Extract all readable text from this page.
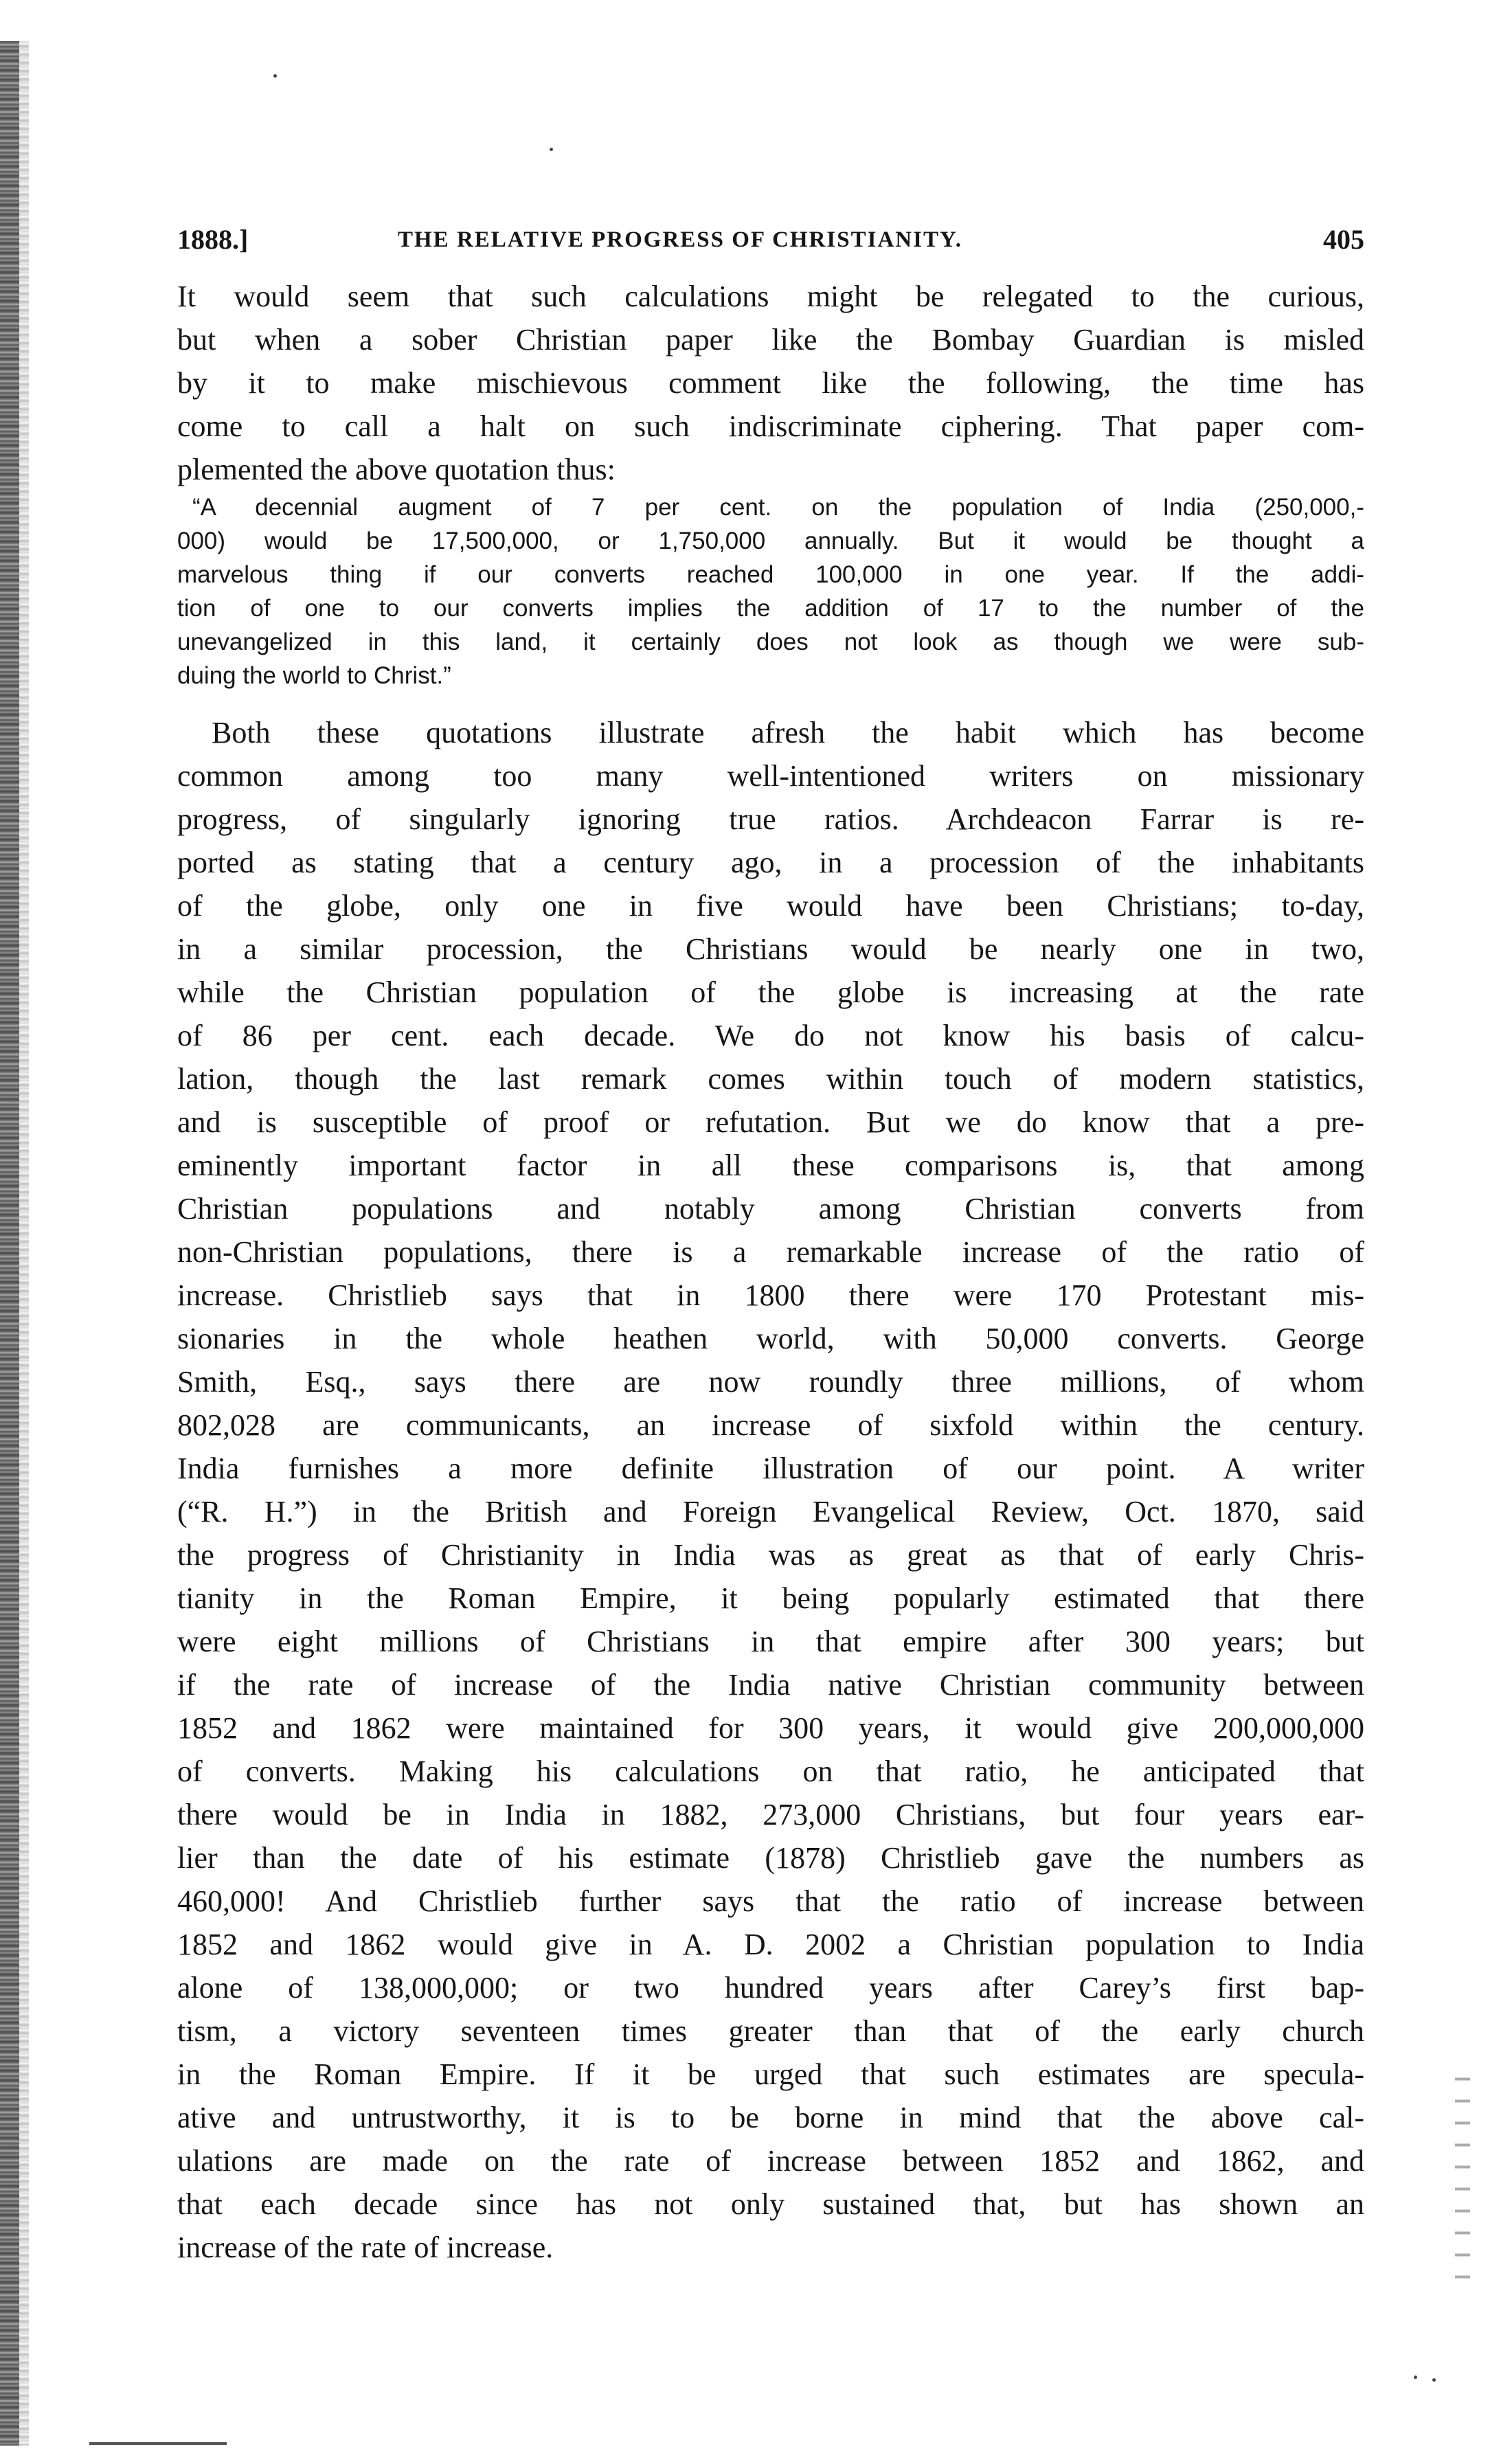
1888.]	THE RELATIVE PROGRESS OF CHRISTIANITY.	405
It would seem that such calculations might be relegated to the curious,
but when a sober Christian paper like the Bombay Guardian is misled
by it to make mischievous comment like the following, the time has
come to call a halt on such indiscriminate ciphering. That paper com-
plemented the above quotation thus:
“A decennial augment of 7 per cent. on the population of India (250,000,-
000) would be 17,500,000, or 1,750,000 annually. But it would be thought a
marvelous thing if our converts reached 100,000 in one year. If the addi-
tion of one to our converts implies the addition of 17 to the number of the
unevangelized in this land, it certainly does not look as though we were sub-
duing the world to Christ.”
Both these quotations illustrate afresh the habit which has become
common among too many well-intentioned writers on missionary
progress, of singularly ignoring true ratios. Archdeacon Farrar is re-
ported as stating that a century ago, in a procession of the inhabitants
of the globe, only one in five would have been Christians; to-day,
in a similar procession, the Christians would be nearly one in two,
while the Christian population of the globe is increasing at the rate
of 86 per cent. each decade. We do not know his basis of calcu-
lation, though the last remark comes within touch of modern statistics,
and is susceptible of proof or refutation. But we do know that a pre-
eminently important factor in all these comparisons is, that among
Christian populations and notably among Christian converts from
non-Christian populations, there is a remarkable increase of the ratio of
increase. Christlieb says that in 1800 there were 170 Protestant mis-
sionaries in the whole heathen world, with 50,000 converts. George
Smith, Esq., says there are now roundly three millions, of whom
802,028 are communicants, an increase of sixfold within the century.
India furnishes a more definite illustration of our point. A writer
(“R. H.”) in the British and Foreign Evangelical Review, Oct. 1870, said
the progress of Christianity in India was as great as that of early Chris-
tianity in the Roman Empire, it being popularly estimated that there
were eight millions of Christians in that empire after 300 years; but
if the rate of increase of the India native Christian community between
1852 and 1862 were maintained for 300 years, it would give 200,000,000
of converts. Making his calculations on that ratio, he anticipated that
there would be in India in 1882, 273,000 Christians, but four years ear-
lier than the date of his estimate (1878) Christlieb gave the numbers as
460,000! And Christlieb further says that the ratio of increase between
1852 and 1862 would give in A. D. 2002 a Christian population to India
alone of 138,000,000; or two hundred years after Carey’s first bap-
tism, a victory seventeen times greater than that of the early church
in the Roman Empire. If it be urged that such estimates are specula-
ative and untrustworthy, it is to be borne in mind that the above cal-
ulations are made on the rate of increase between 1852 and 1862, and
that each decade since has not only sustained that, but has shown an
increase of the rate of increase.
